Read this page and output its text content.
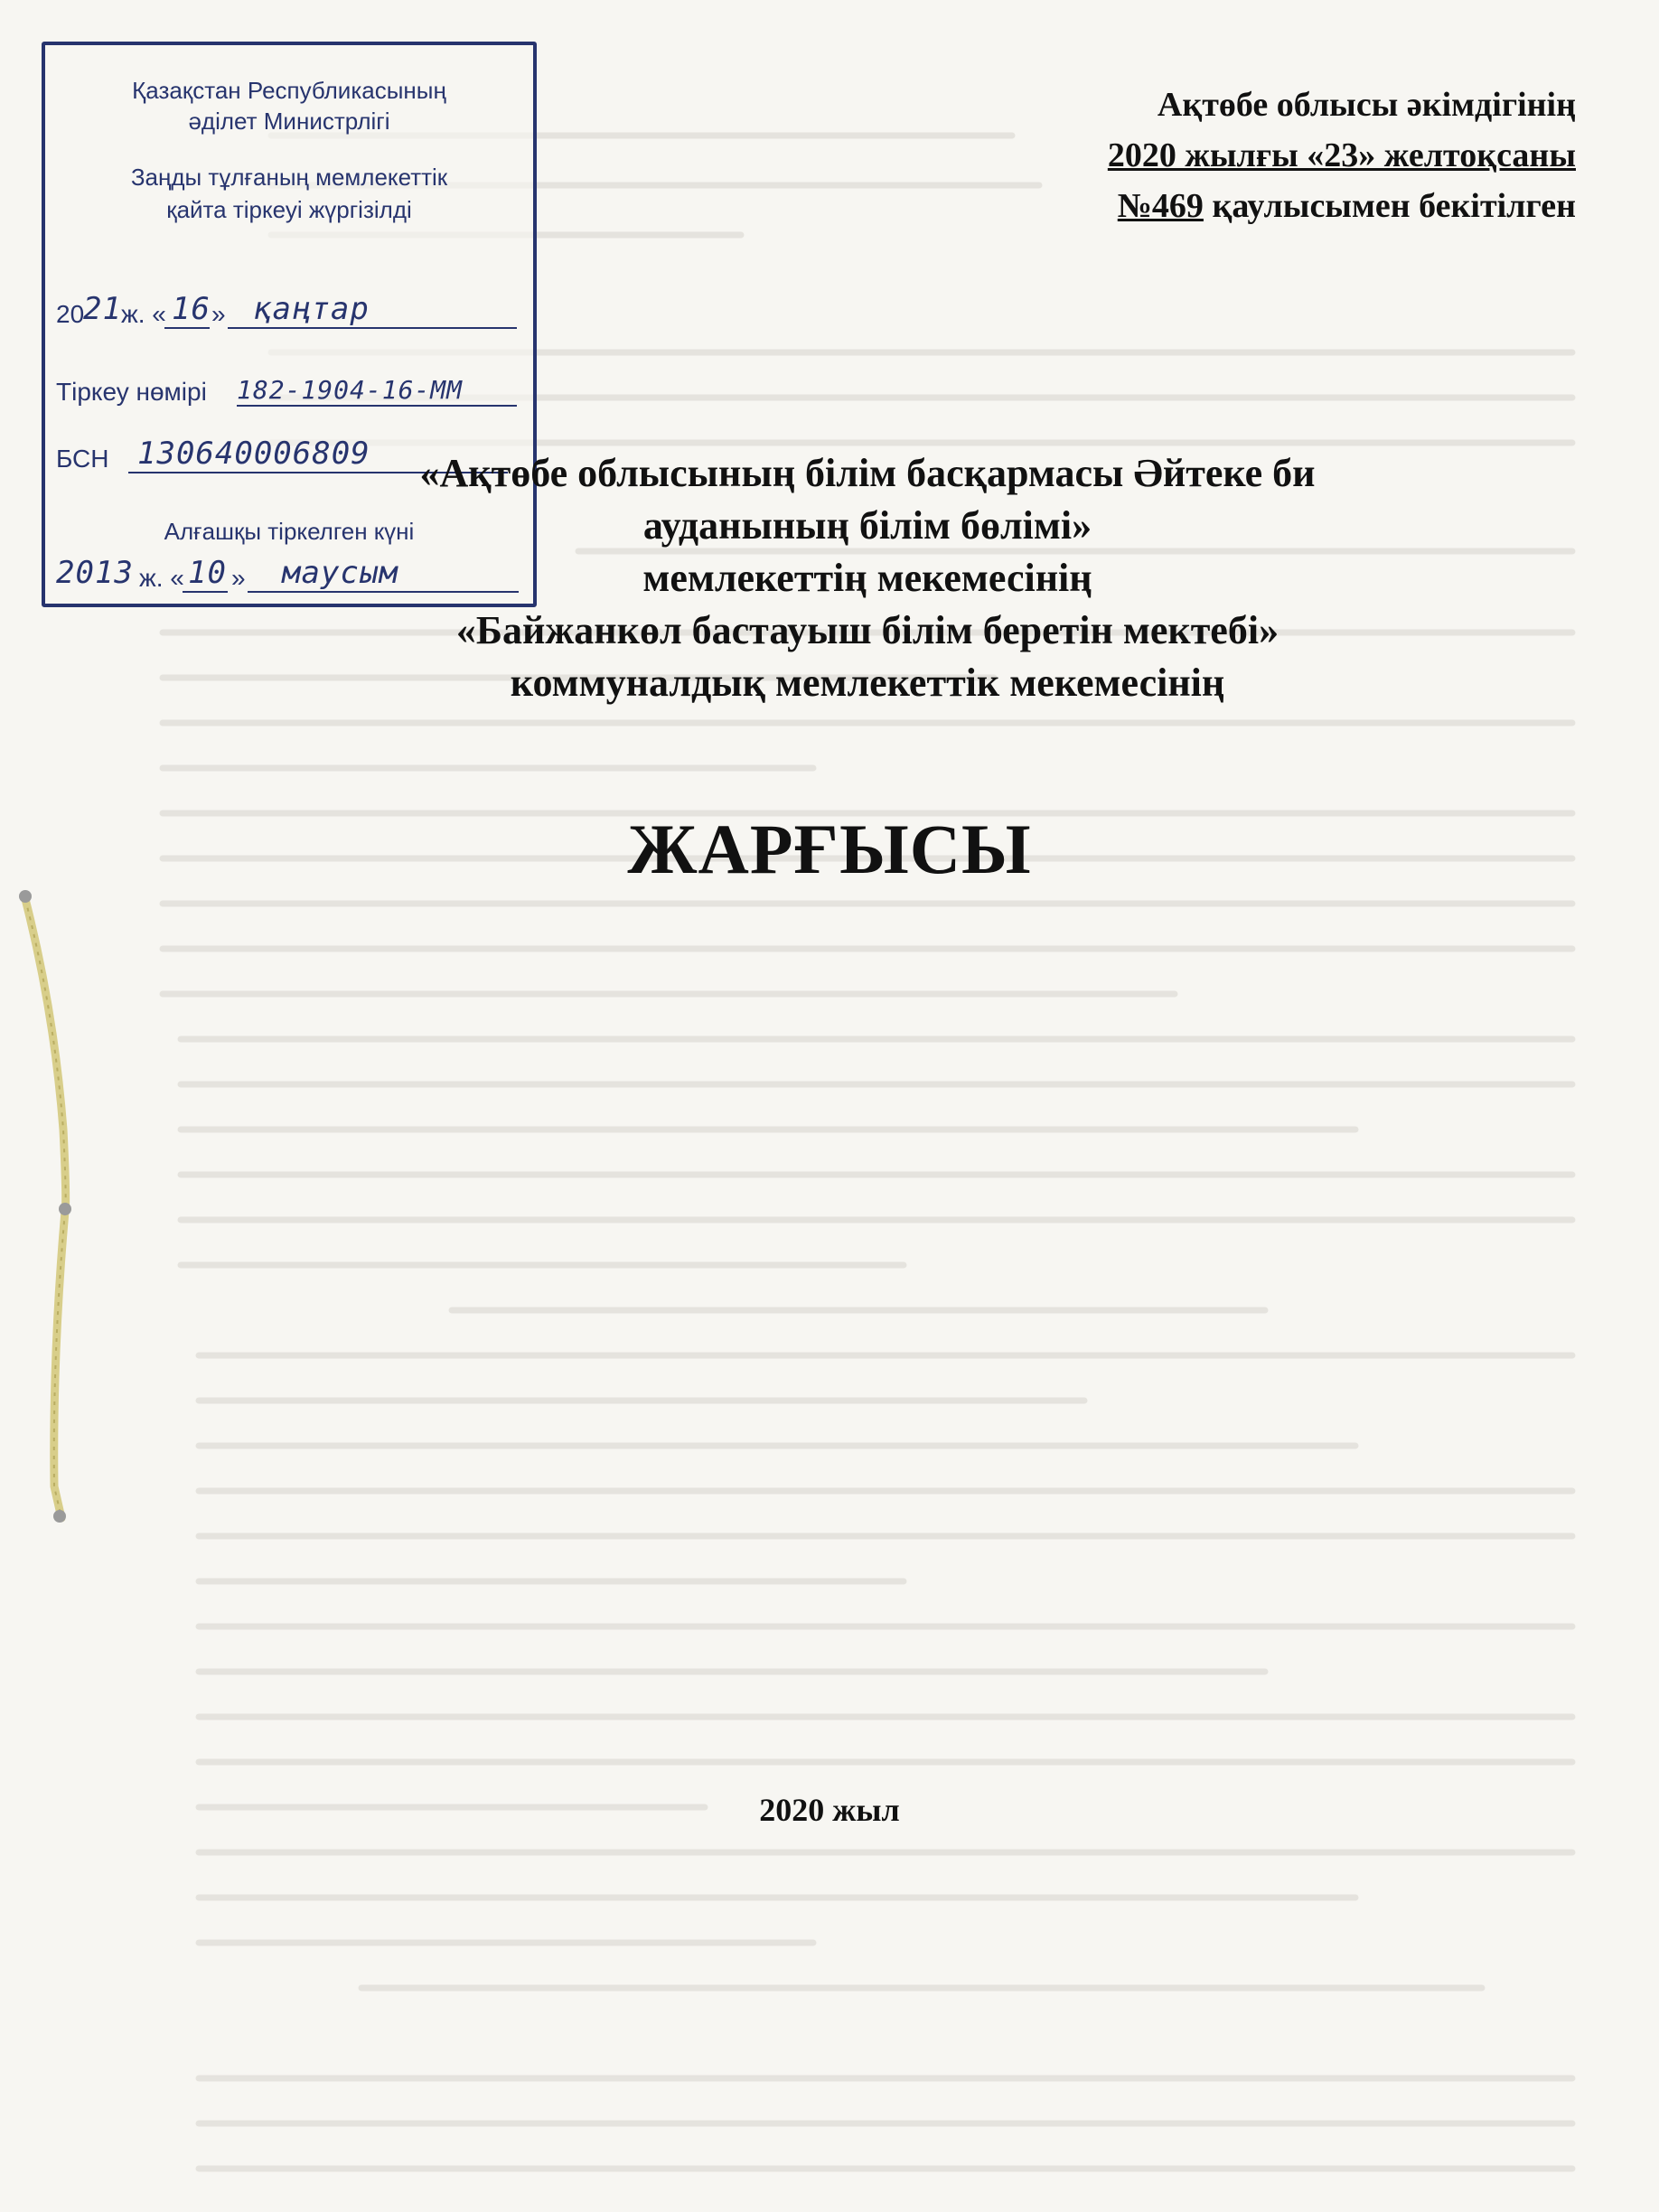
Ақтөбе облысы әкімдігінің
2020 жылғы «23» желтоқсаны
№469 қаулысымен бекітілген
Қазақстан Республикасының
әділет Министрлігі
Заңды тұлғаның мемлекеттік
қайта тіркеуі жүргізілді
20
21 ж. « 16 » қаңтар
Тіркеу нөмірі 182-1904-16-ММ
БСН 130640006809
Алғашқы тіркелген күні
2013 ж. « 10 » маусым
«Ақтөбе облысының білім басқармасы Әйтеке би
ауданының білім бөлімі»
мемлекеттің мекемесінің
«Байжанкөл бастауыш білім беретін мектебі»
коммуналдық мемлекеттік мекемесінің
ЖАРҒЫСЫ
2020 жыл
